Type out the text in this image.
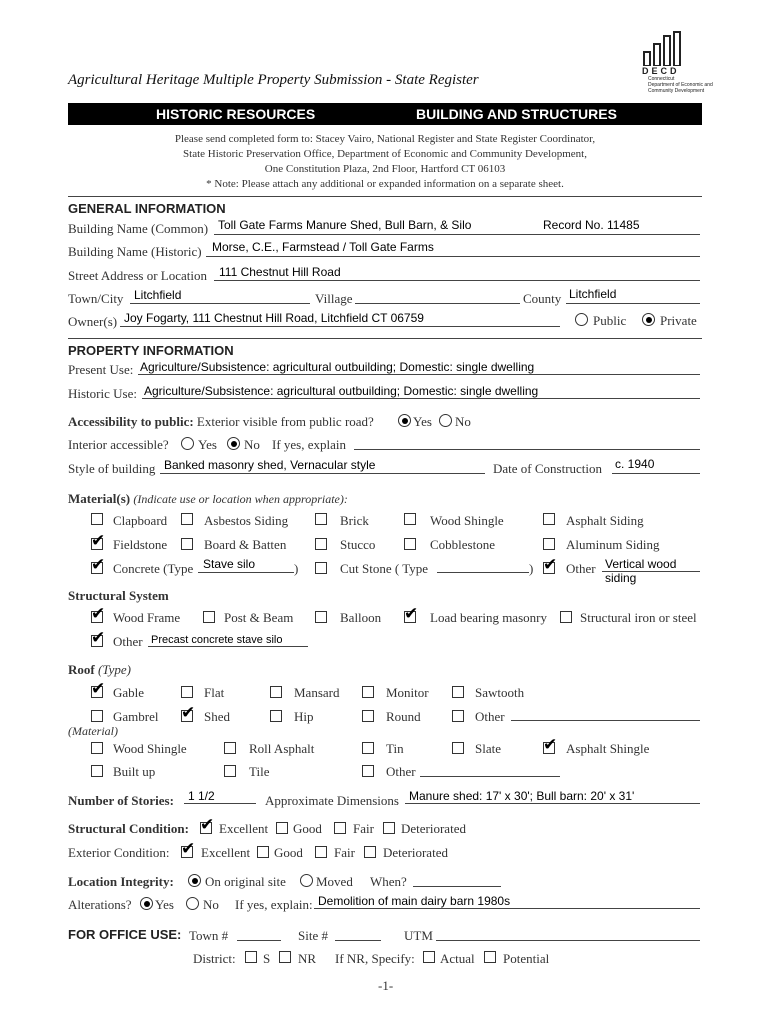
DECD
Connecticut
Department of Economic and
Community Development
Agricultural Heritage Multiple Property Submission - State Register
HISTORIC RESOURCES	BUILDING AND STRUCTURES
Please send completed form to: Stacey Vairo, National Register and State Register Coordinator,
State Historic Preservation Office, Department of Economic and Community Development,
One Constitution Plaza, 2nd Floor, Hartford CT 06103
* Note: Please attach any additional or expanded information on a separate sheet.
GENERAL INFORMATION
Building Name (Common) Toll Gate Farms Manure Shed, Bull Barn, & Silo	Record No. 11485
Building Name (Historic) Morse, C.E., Farmstead / Toll Gate Farms
Street Address or Location 111 Chestnut Hill Road
Town/City Litchfield	Village	County Litchfield
Owner(s) Joy Fogarty, 111 Chestnut Hill Road, Litchfield CT 06759	Public	Private
PROPERTY INFORMATION
Present Use: Agriculture/Subsistence: agricultural outbuilding; Domestic: single dwelling
Historic Use: Agriculture/Subsistence: agricultural outbuilding; Domestic: single dwelling
Accessibility to public: Exterior visible from public road?	Yes No
Interior accessible? Yes No If yes, explain
Style of building Banked masonry shed, Vernacular style	Date of Construction c. 1940
Material(s) (Indicate use or location when appropriate):
Clapboard	Asbestos Siding	Brick	Wood Shingle	Asphalt Siding
✔ Fieldstone	Board & Batten	Stucco	Cobblestone	Aluminum Siding
✔ Concrete (Type Stave silo	)	Cut Stone ( Type	) ✔ Other Vertical wood
siding
Structural System
✔ Wood Frame	Post & Beam	Balloon ✔ Load bearing masonry	Structural iron or steel
✔ Other Precast concrete stave silo
Roof (Type)
✔ Gable	Flat	Mansard	Monitor	Sawtooth
Gambrel ✔ Shed	Hip	Round	Other
(Material)
Wood Shingle	Roll Asphalt	Tin	Slate ✔ Asphalt Shingle
Built up	Tile	Other
Number of Stories: 1 1/2	Approximate Dimensions Manure shed: 17' x 30'; Bull barn: 20' x 31'
Structural Condition: ✔ Excellent Good Fair Deteriorated
Exterior Condition: ✔ Excellent Good Fair Deteriorated
Location Integrity: On original site Moved When?
Alterations? Yes No If yes, explain: Demolition of main dairy barn 1980s
FOR OFFICE USE: Town #	Site #	UTM
District: S NR If NR, Specify: Actual Potential
-1-
